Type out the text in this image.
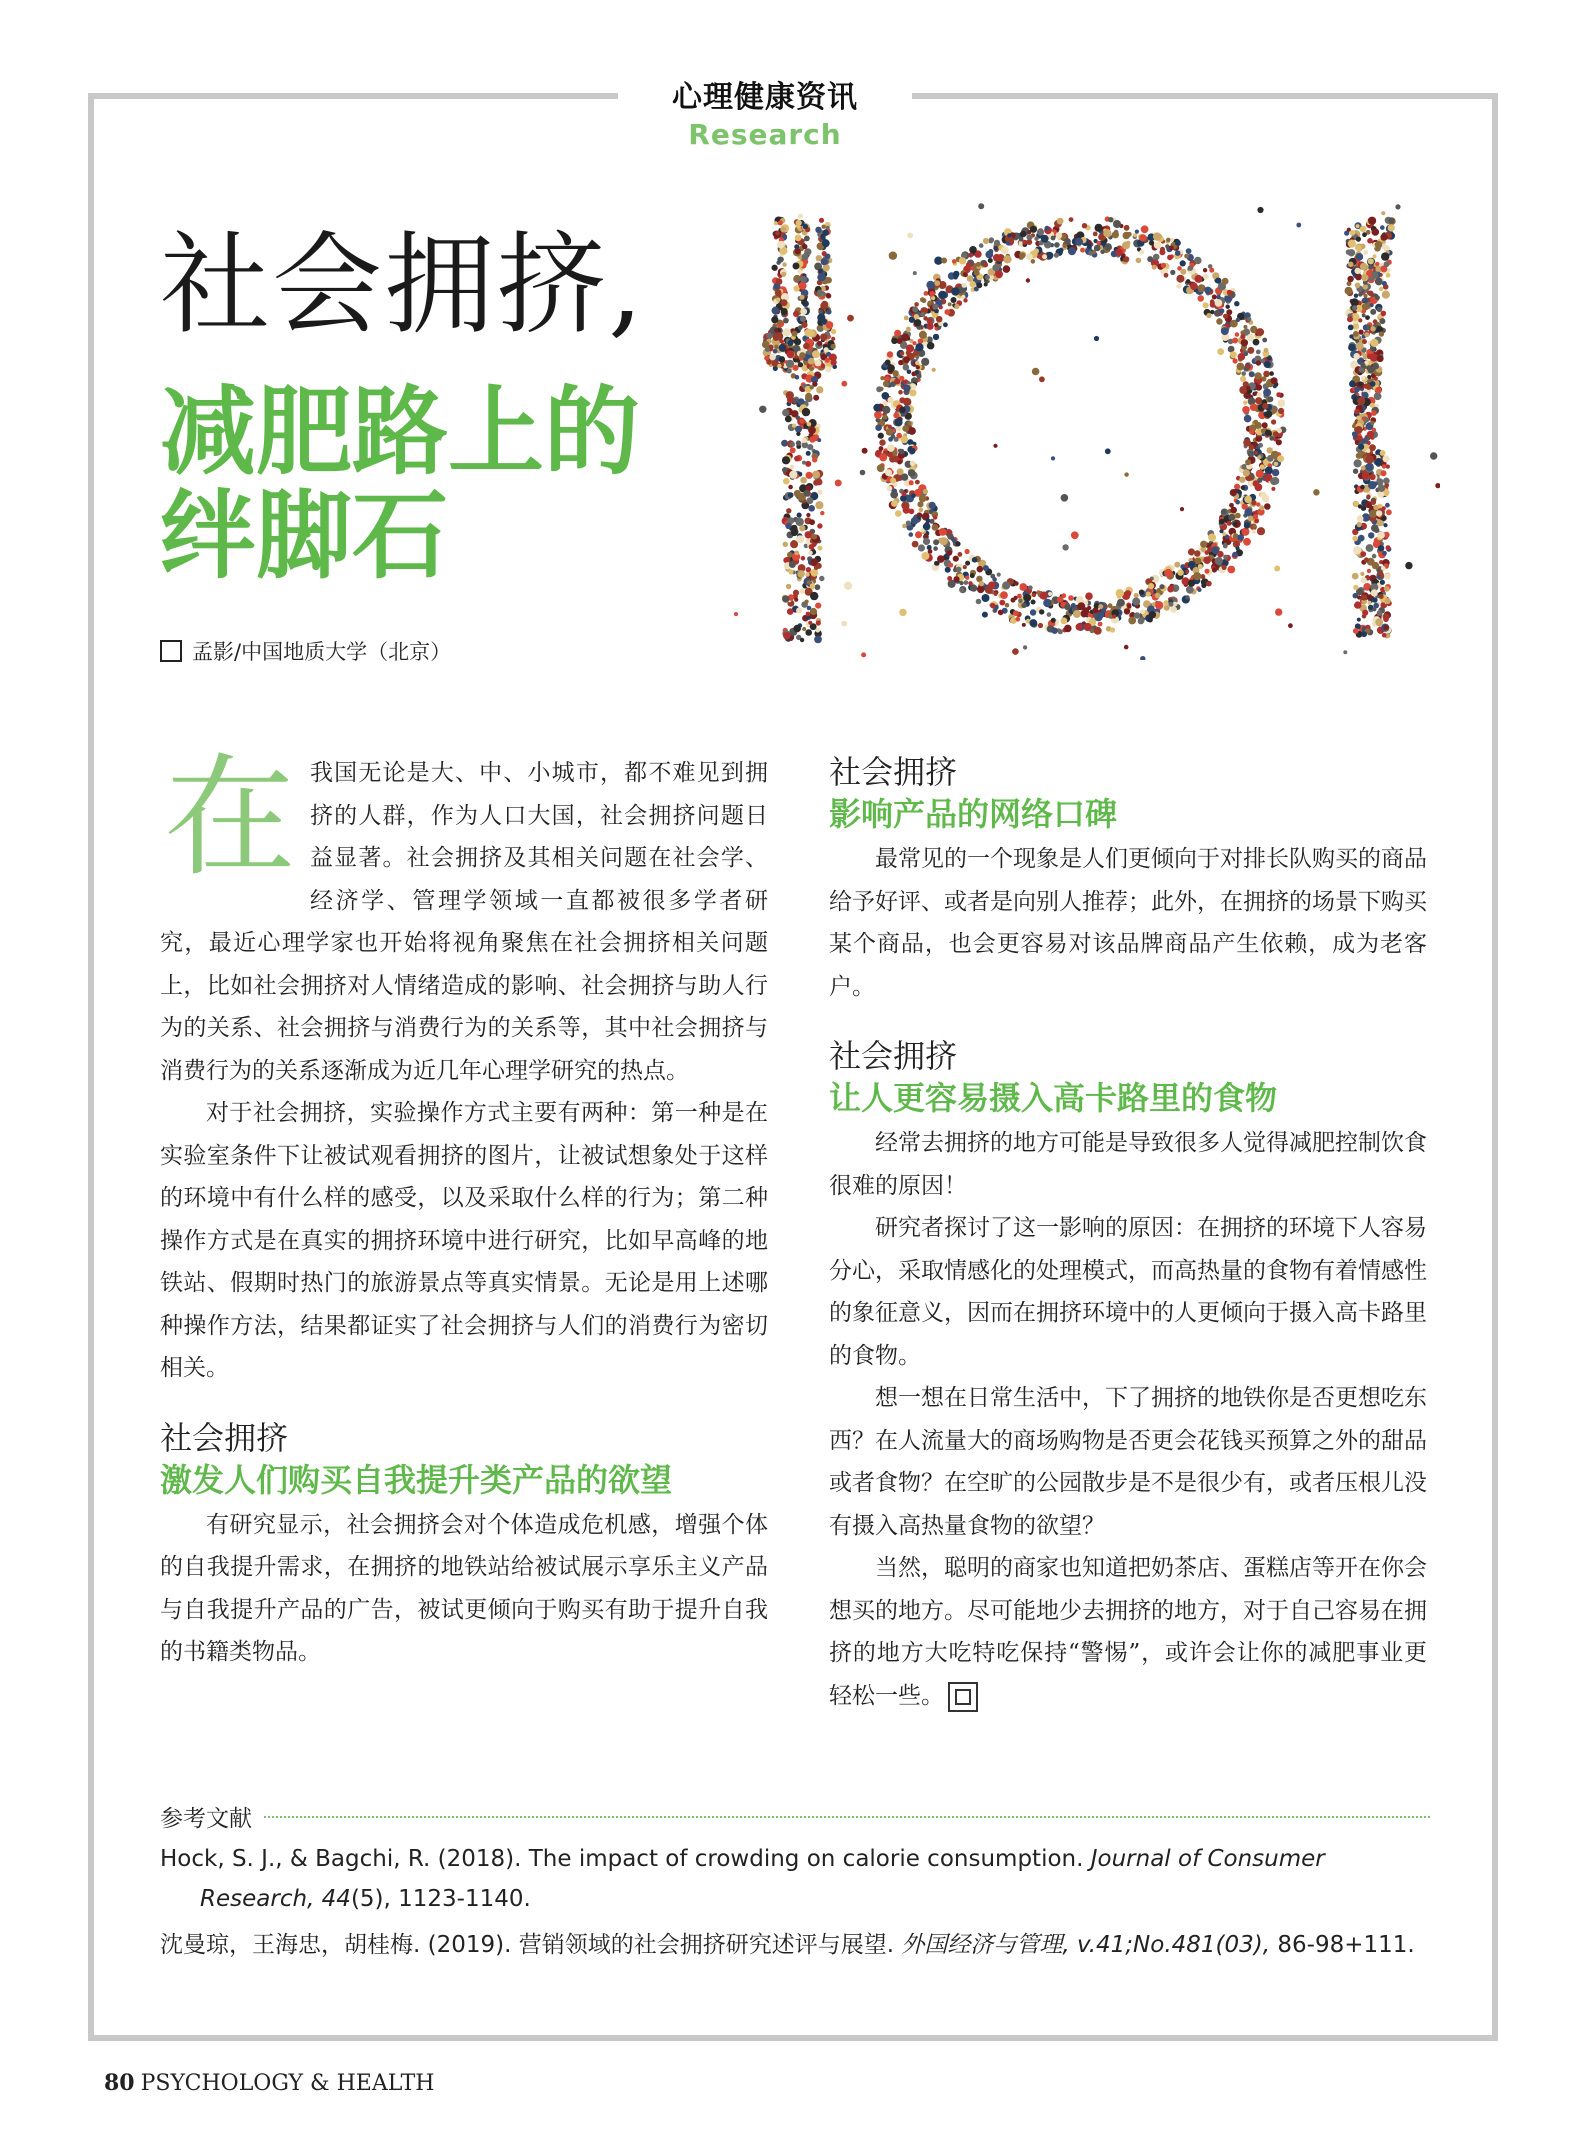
心理健康资讯
Research
社会拥挤,
减肥路上的
绊脚石
孟影/中国地质大学（北京）

在我国无论是大、中、小城市，都不难见到拥挤的人群，作为人口大国，社会拥挤问题日益显著。社会拥挤及其相关问题在社会学、经济学、管理学领域一直都被很多学者研究，最近心理学家也开始将视角聚焦在社会拥挤相关问题上，比如社会拥挤对人情绪造成的影响、社会拥挤与助人行为的关系、社会拥挤与消费行为的关系等，其中社会拥挤与消费行为的关系逐渐成为近几年心理学研究的热点。

对于社会拥挤，实验操作方式主要有两种：第一种是在实验室条件下让被试观看拥挤的图片，让被试想象处于这样的环境中有什么样的感受，以及采取什么样的行为；第二种操作方式是在真实的拥挤环境中进行研究，比如早高峰的地铁站、假期时热门的旅游景点等真实情景。无论是用上述哪种操作方法，结果都证实了社会拥挤与人们的消费行为密切相关。

社会拥挤
激发人们购买自我提升类产品的欲望

有研究显示，社会拥挤会对个体造成危机感，增强个体的自我提升需求，在拥挤的地铁站给被试展示享乐主义产品与自我提升产品的广告，被试更倾向于购买有助于提升自我的书籍类物品。

社会拥挤
影响产品的网络口碑

最常见的一个现象是人们更倾向于对排长队购买的商品给予好评、或者是向别人推荐；此外，在拥挤的场景下购买某个商品，也会更容易对该品牌商品产生依赖，成为老客户。

社会拥挤
让人更容易摄入高卡路里的食物

经常去拥挤的地方可能是导致很多人觉得减肥控制饮食很难的原因！

研究者探讨了这一影响的原因：在拥挤的环境下人容易分心，采取情感化的处理模式，而高热量的食物有着情感性的象征意义，因而在拥挤环境中的人更倾向于摄入高卡路里的食物。

想一想在日常生活中，下了拥挤的地铁你是否更想吃东西？在人流量大的商场购物是否更会花钱买预算之外的甜品或者食物？在空旷的公园散步是不是很少有，或者压根儿没有摄入高热量食物的欲望？

当然，聪明的商家也知道把奶茶店、蛋糕店等开在你会想买的地方。尽可能地少去拥挤的地方，对于自己容易在拥挤的地方大吃特吃保持“警惕”，或许会让你的减肥事业更轻松一些。

参考文献
Hock, S. J., & Bagchi, R. (2018). The impact of crowding on calorie consumption. Journal of Consumer Research, 44(5), 1123-1140.
沈曼琼，王海忠，胡桂梅. (2019). 营销领域的社会拥挤研究述评与展望. 外国经济与管理, v.41;No.481(03), 86-98+111.
80 PSYCHOLOGY & HEALTH
